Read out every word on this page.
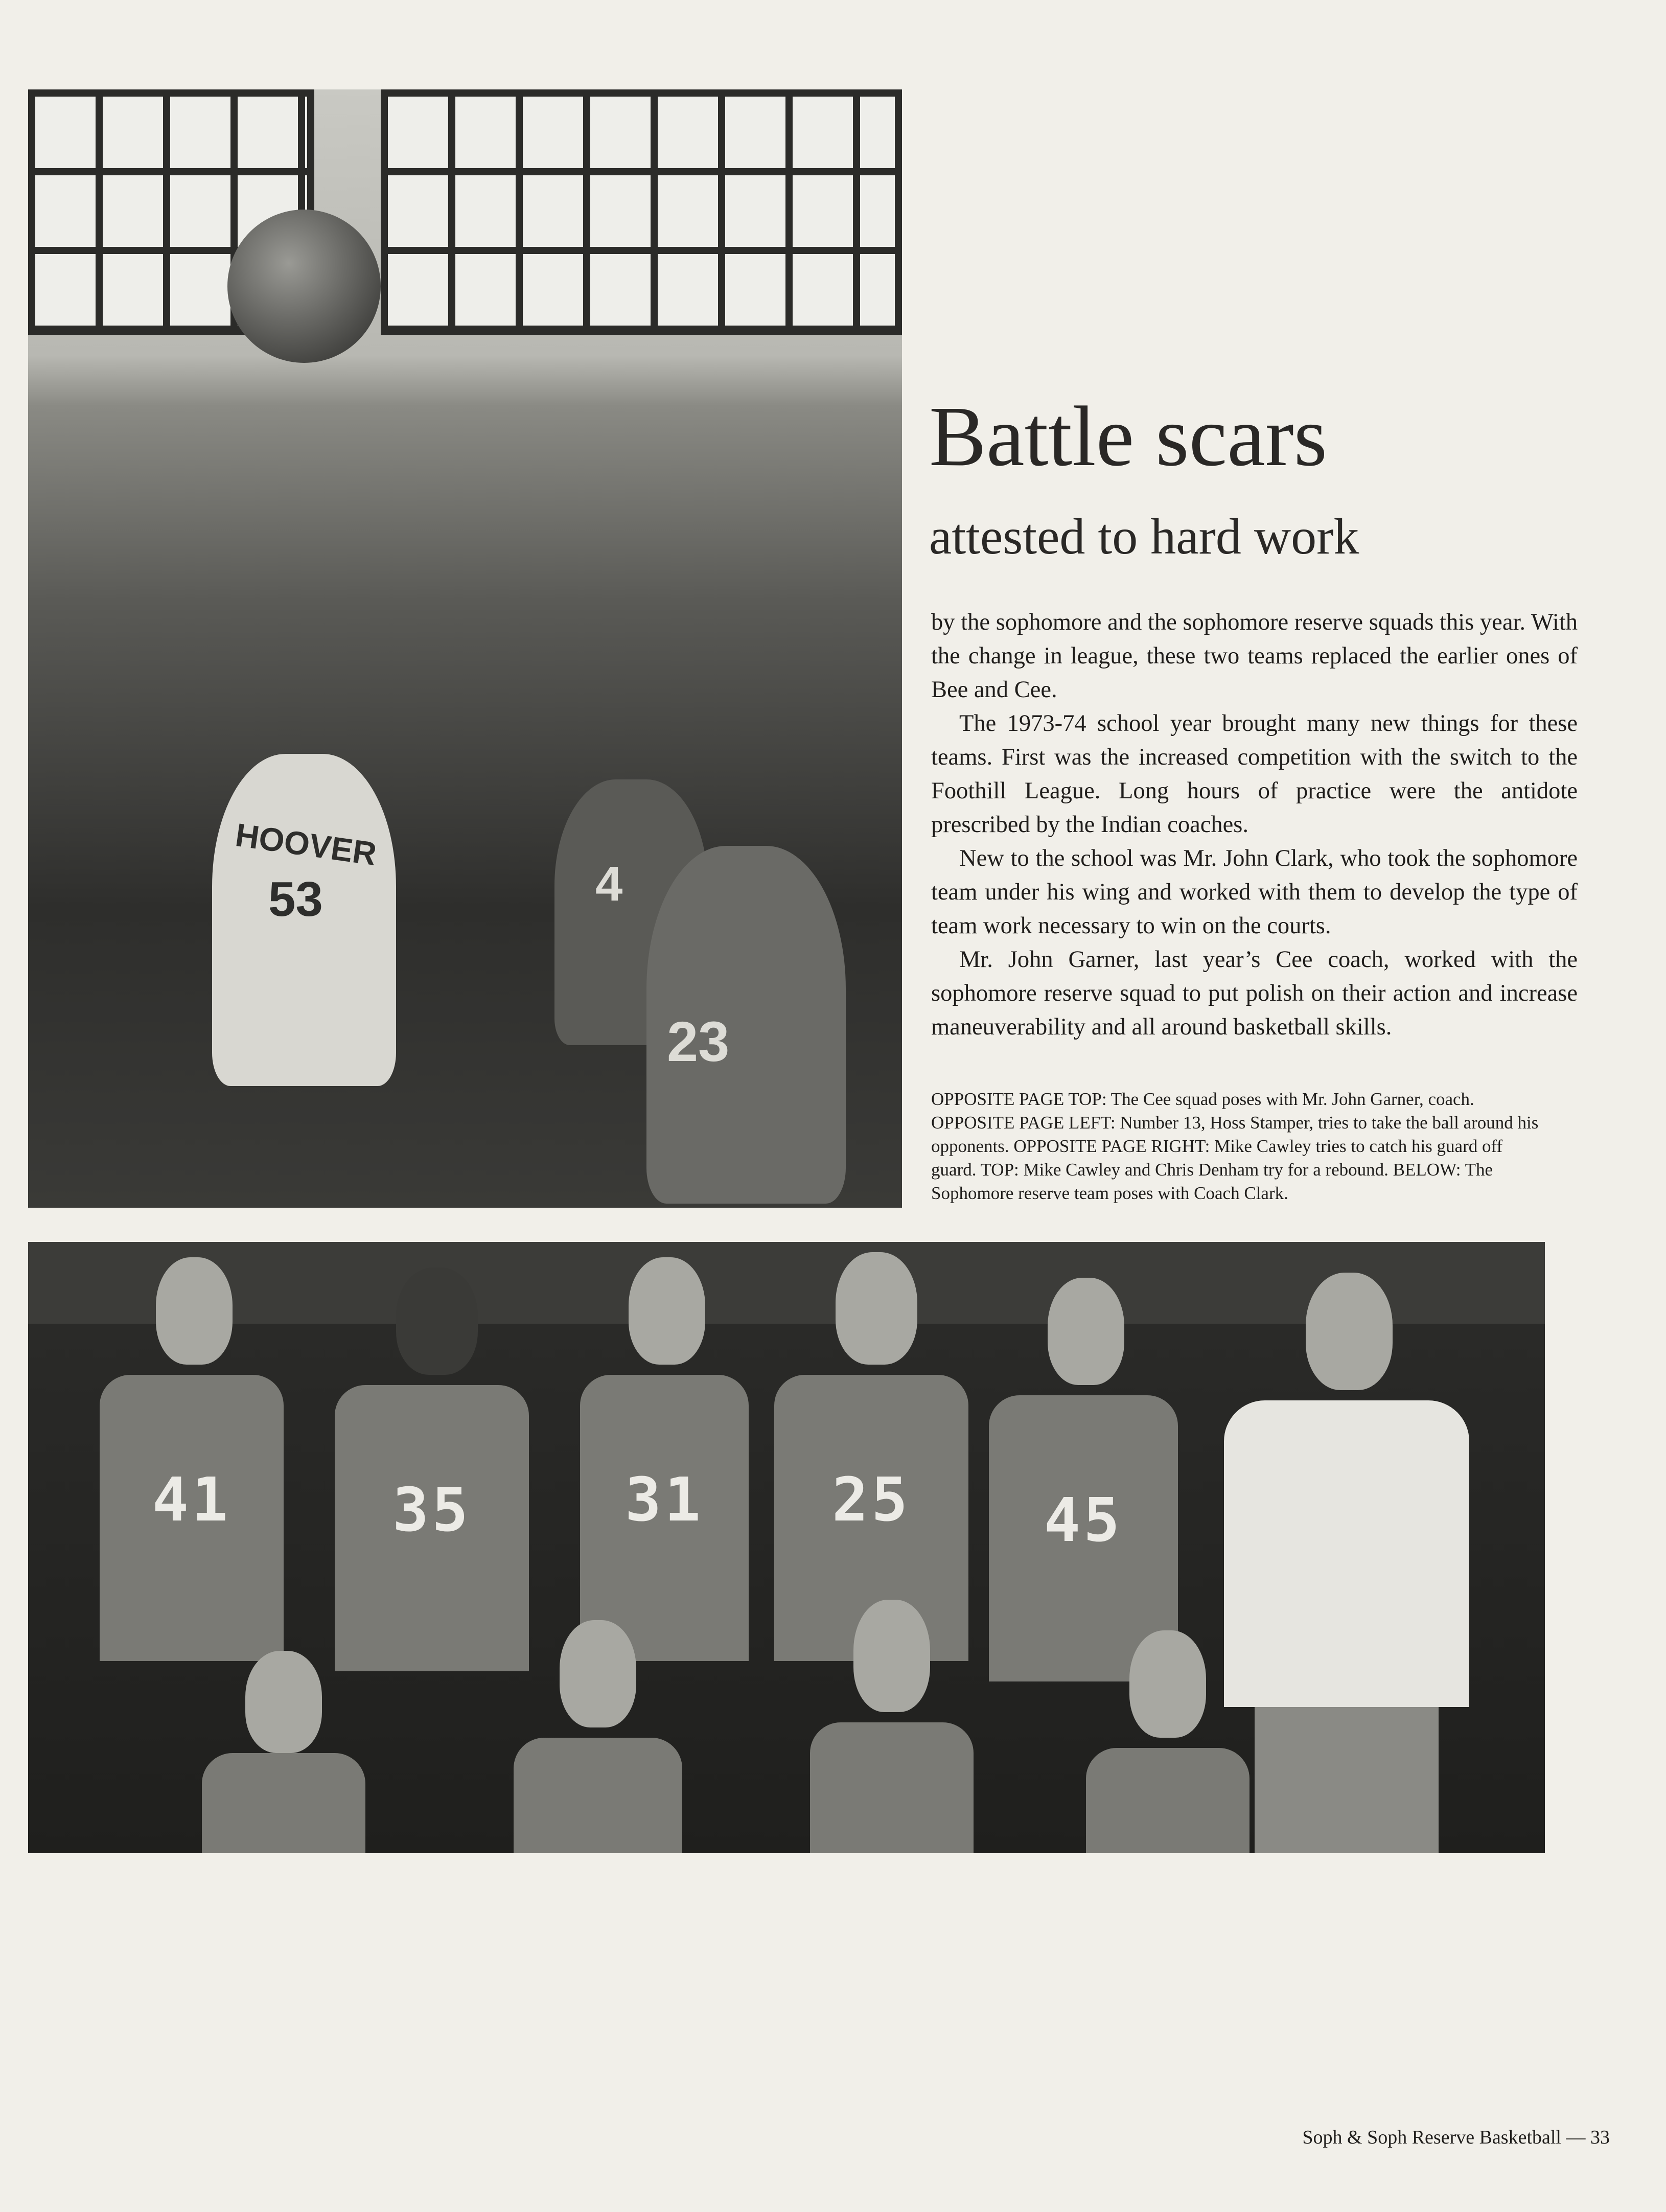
HOOVER
53	4
23
Battle scars
attested to hard work

by the sophomore and the sophomore reserve squads this year. With the change in league, these two teams replaced the earlier ones of Bee and Cee.

The 1973-74 school year brought many new things for these teams. First was the increased competition with the switch to the Foothill League. Long hours of practice were the antidote prescribed by the Indian coaches.

New to the school was Mr. John Clark, who took the sophomore team under his wing and worked with them to develop the type of team work necessary to win on the courts.

Mr. John Garner, last year’s Cee coach, worked with the sophomore reserve squad to put polish on their action and increase maneuverability and all around basketball skills.

OPPOSITE PAGE TOP: The Cee squad poses with Mr. John Garner, coach. OPPOSITE PAGE LEFT: Number 13, Hoss Stamper, tries to take the ball around his opponents. OPPOSITE PAGE RIGHT: Mike Cawley tries to catch his guard off guard. TOP: Mike Cawley and Chris Denham try for a rebound. BELOW: The Sophomore reserve team poses with Coach Clark.

41	35	31	25	45
Soph & Soph Reserve Basketball — 33
